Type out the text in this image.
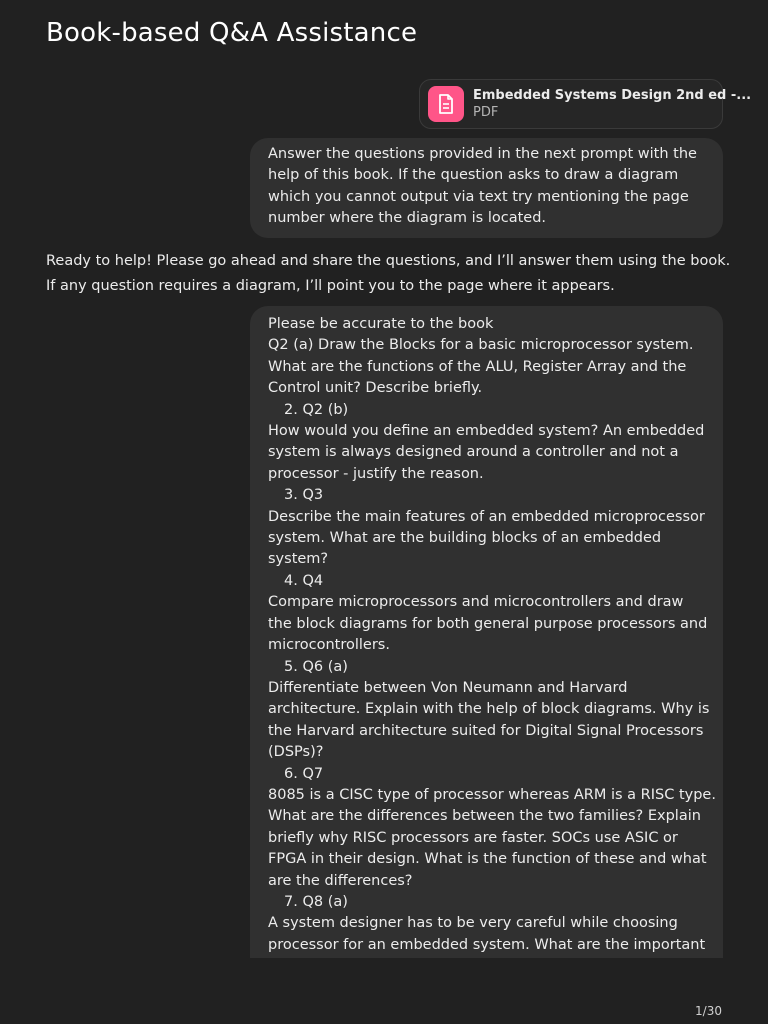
Book-based Q&A Assistance
Embedded Systems Design 2nd ed -...
PDF
Answer the questions provided in the next prompt with the
help of this book. If the question asks to draw a diagram
which you cannot output via text try mentioning the page
number where the diagram is located.
Ready to help! Please go ahead and share the questions, and I’ll answer them using the book.
If any question requires a diagram, I’ll point you to the page where it appears.
Please be accurate to the book
Q2 (a) Draw the Blocks for a basic microprocessor system.
What are the functions of the ALU, Register Array and the
Control unit? Describe briefly.
2. Q2 (b)
How would you define an embedded system? An embedded
system is always designed around a controller and not a
processor - justify the reason.
3. Q3
Describe the main features of an embedded microprocessor
system. What are the building blocks of an embedded
system?
4. Q4
Compare microprocessors and microcontrollers and draw
the block diagrams for both general purpose processors and
microcontrollers.
5. Q6 (a)
Differentiate between Von Neumann and Harvard
architecture. Explain with the help of block diagrams. Why is
the Harvard architecture suited for Digital Signal Processors
(DSPs)?
6. Q7
8085 is a CISC type of processor whereas ARM is a RISC type.
What are the differences between the two families? Explain
briefly why RISC processors are faster. SOCs use ASIC or
FPGA in their design. What is the function of these and what
are the differences?
7. Q8 (a)
A system designer has to be very careful while choosing
processor for an embedded system. What are the important
1/30
